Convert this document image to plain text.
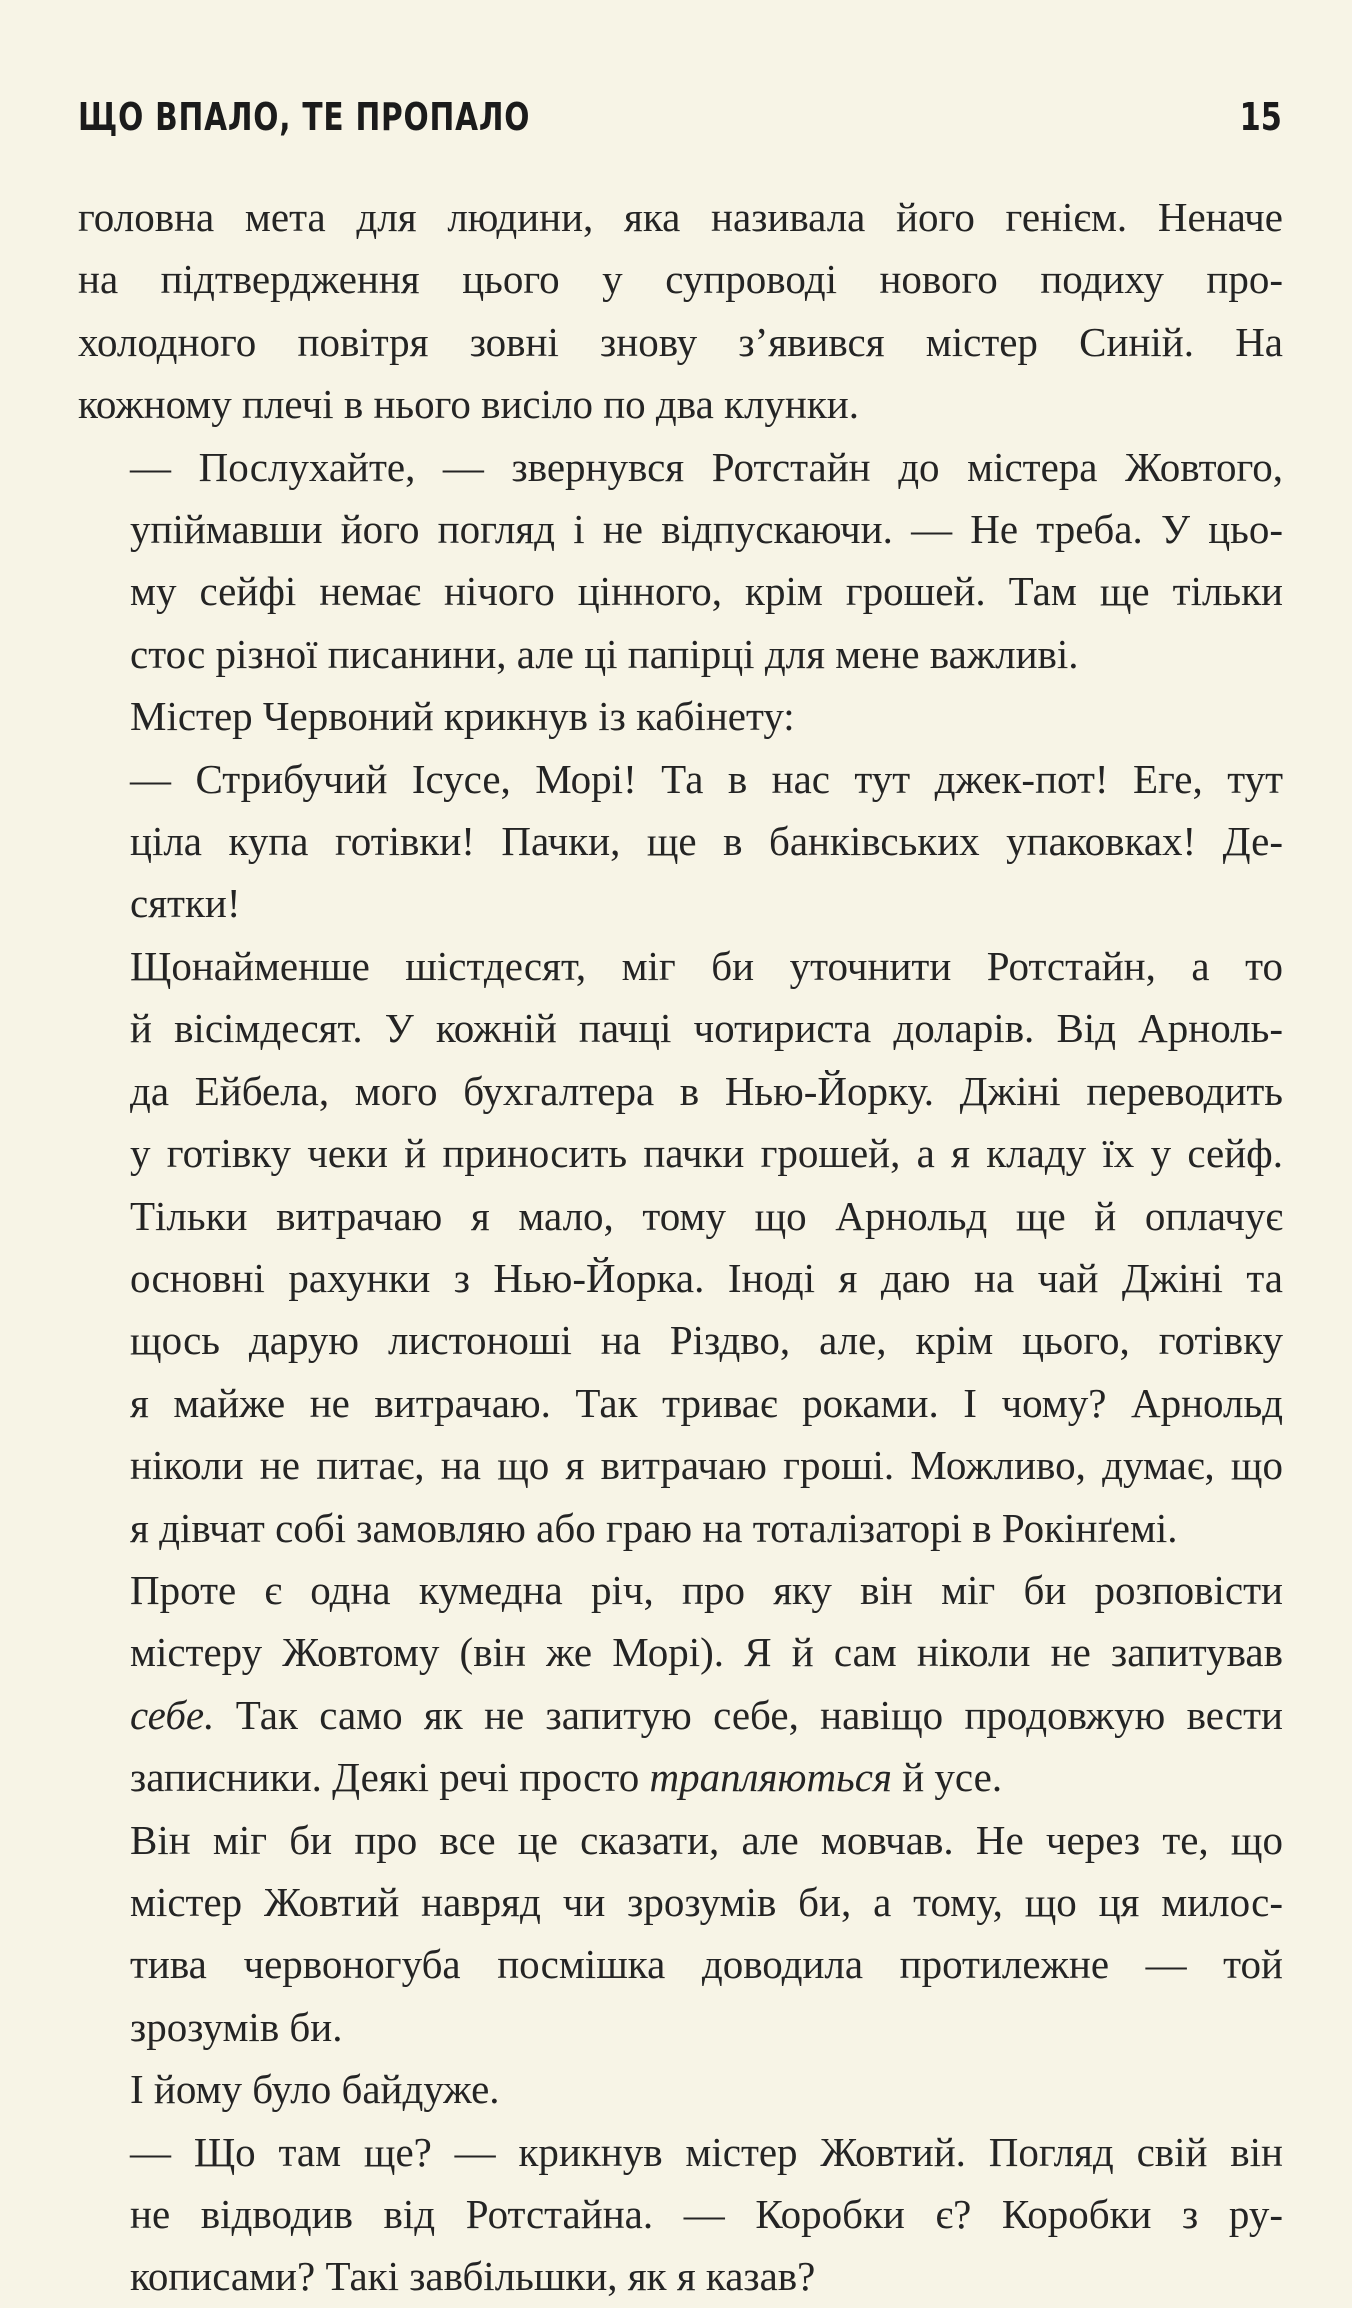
ЩО ВПАЛО, ТЕ ПРОПАЛО	15

головна мета для людини, яка називала його генієм. Неначе
на підтвердження цього у супроводі нового подиху про-
холодного повітря зовні знову з’явився містер Синій. На
кожному плечі в нього висіло по два клунки.

— Послухайте, — звернувся Ротстайн до містера Жовтого,
упіймавши його погляд і не відпускаючи. — Не треба. У цьо-
му сейфі немає нічого цінного, крім грошей. Там ще тільки
стос різної писанини, але ці папірці для мене важливі.

Містер Червоний крикнув із кабінету:

— Стрибучий Ісусе, Морі! Та в нас тут джек-пот! Еге, тут
ціла купа готівки! Пачки, ще в банківських упаковках! Де-
сятки!

Щонайменше шістдесят, міг би уточнити Ротстайн, а то
й вісімдесят. У кожній пачці чотириста доларів. Від Арноль-
да Ейбела, мого бухгалтера в Нью-Йорку. Джіні переводить
у готівку чеки й приносить пачки грошей, а я кладу їх у сейф.
Тільки витрачаю я мало, тому що Арнольд ще й оплачує
основні рахунки з Нью-Йорка. Іноді я даю на чай Джіні та
щось дарую листоноші на Різдво, але, крім цього, готівку
я майже не витрачаю. Так триває роками. І чому? Арнольд
ніколи не питає, на що я витрачаю гроші. Можливо, думає, що
я дівчат собі замовляю або граю на тоталізаторі в Рокінґемі.

Проте є одна кумедна річ, про яку він міг би розповісти
містеру Жовтому (він же Морі). Я й сам ніколи не запитував
себе. Так само як не запитую себе, навіщо продовжую вести
записники. Деякі речі просто трапляються й усе.

Він міг би про все це сказати, але мовчав. Не через те, що
містер Жовтий навряд чи зрозумів би, а тому, що ця милос-
тива червоногуба посмішка доводила протилежне — той
зрозумів би.

І йому було байдуже.

— Що там ще? — крикнув містер Жовтий. Погляд свій він
не відводив від Ротстайна. — Коробки є? Коробки з ру-
кописами? Такі завбільшки, як я казав?
